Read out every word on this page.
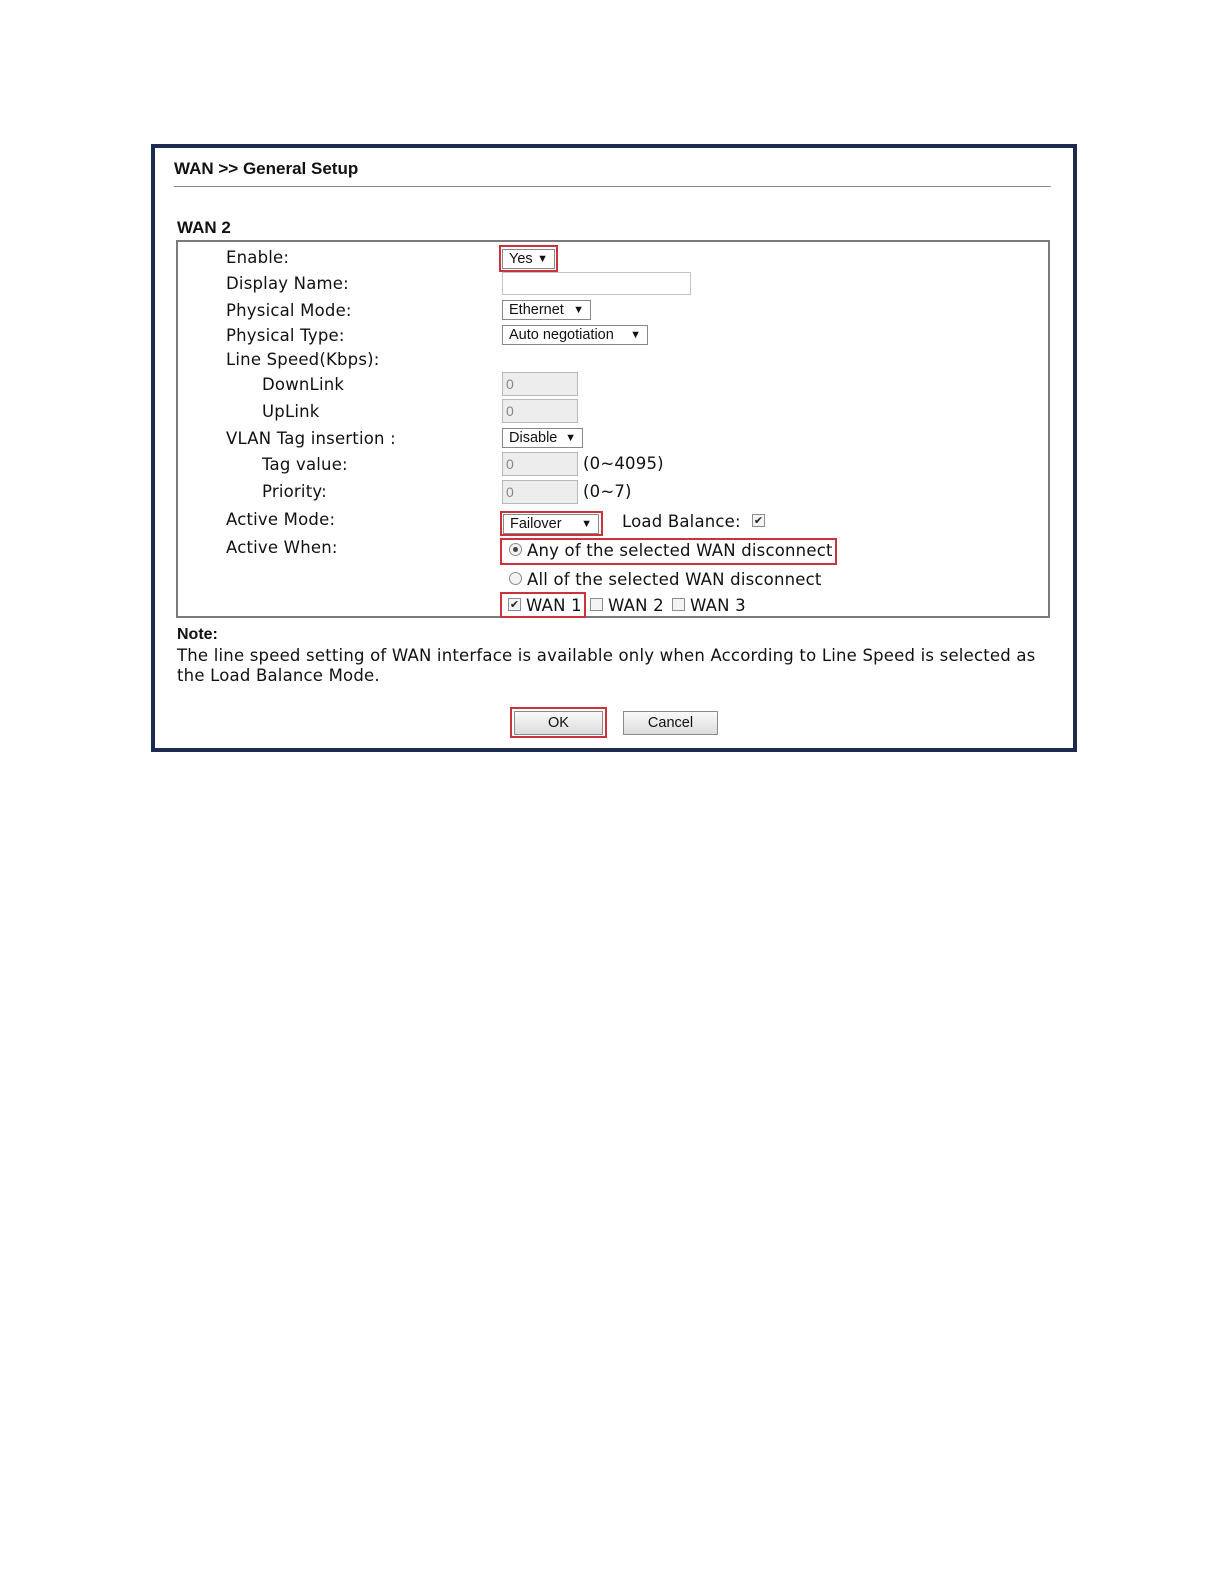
WAN >> General Setup
WAN 2
Enable:	Yes ▼
Display Name:
Physical Mode:	Ethernet ▼
Physical Type:	Auto negotiation ▼
Line Speed(Kbps):
DownLink	0
UpLink	0
VLAN Tag insertion :	Disable ▼
Tag value:	0	(0~4095)
Priority:	0	(0~7)
Active Mode:	Failover ▼ Load Balance: ✔
Active When:	Any of the selected WAN disconnect
All of the selected WAN disconnect
✔ WAN 1 WAN 2 WAN 3
Note:
The line speed setting of WAN interface is available only when According to Line Speed is selected as the Load Balance Mode.
OK	Cancel
